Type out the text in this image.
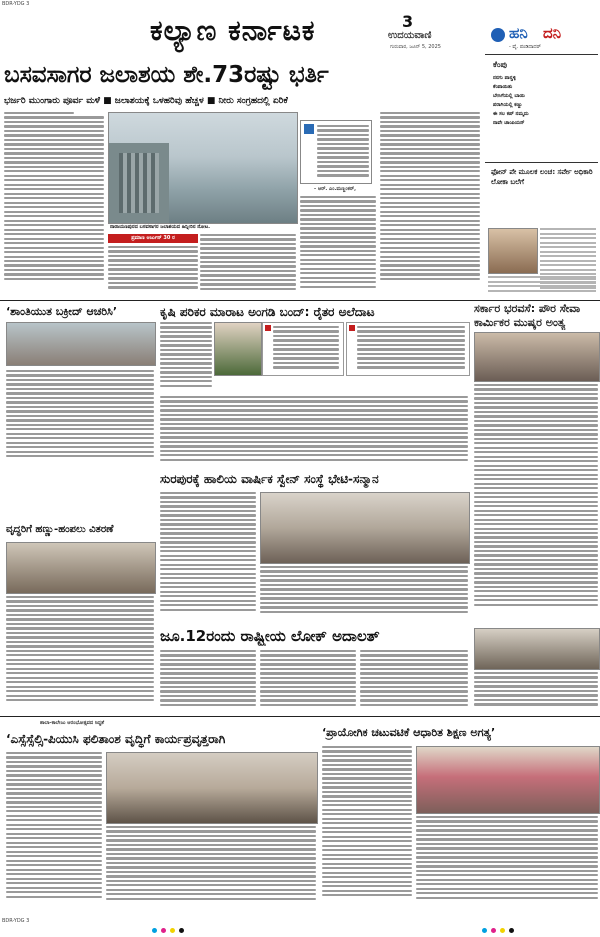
BDR-YDG 3
ಕಲ್ಯಾಣ ಕರ್ನಾಟಕ	3
ಉದಯವಾಣಿ
ಗುರುವಾರ, ಜೂನ್ 5, 2025
ಹನಿ ದನಿ
- ವೈ. ಪಂಡಿದಾದರ್
ಕೆಂಪು
ನನಗು ಪಾನ್ಚಳ್ಳಿ
ಕೆಂಪಾಯಿತು
ಬೇಸಿಗೆಯಲ್ಲಿ ಬಾಯಿ
ಪರಾಗಿಯಲ್ಲಿ ಕಣ್ಣು
ಈ ಸಲ ಕಪ್ ನಮ್ಮದು
ನಾವೇ ಚಾಂಪಿಯನ್
ಫೋನ್ ಪೇ ಮೂಲಕ ಲಂಚ: ಸರ್ವೇ ಅಧಿಕಾರಿ ಲೋಕಾ ಬಲೆಗೆ
ಬಸವಸಾಗರ ಜಲಾಶಯ ಶೇ.73ರಷ್ಟು ಭರ್ತಿ
ಭರ್ಜರಿ ಮುಂಗಾರು ಪೂರ್ವ ಮಳೆ ■ ಜಲಾಶಯಕ್ಕೆ ಒಳಹರಿವು ಹೆಚ್ಚಳ ■ ನೀರು ಸಂಗ್ರಹದಲ್ಲಿ ಏರಿಕೆ
ನಾರಾಯಣಪುರದ ಬಸವಸಾಗರ ಜಲಾಶಯದ ಹಿನ್ನೀರಿನ ನೋಟ.
ಪ್ರಮಾಣ ಅರ್ಜುನ್ 30 ರ
- ಆರ್. ಎಂ.ಮಣ್ಣಂಕರ್,
‘ಶಾಂತಿಯುತ ಬಕ್ರೀದ್ ಆಚರಿಸಿ’	ಕೃಷಿ ಪರಿಕರ ಮಾರಾಟ ಅಂಗಡಿ ಬಂದ್: ರೈತರ ಅಲೆದಾಟ	ಸರ್ಕಾರ ಭರವಸೆ: ಪೌರ ಸೇವಾ ಕಾರ್ಮಿಕರ ಮುಷ್ಕರ ಅಂತ್ಯ
ಸುರಪುರಕ್ಕೆ ಹಾಲಿಯ ವಾರ್ಷಿಕ ಸ್ವೇನ್ ಸಂಸ್ಥೆ ಭೇಟಿ-ಸನ್ಮಾನ
ವೃದ್ಧರಿಗೆ ಹಣ್ಣು-ಹಂಪಲು ವಿತರಣೆ
ಜೂ.12ರಂದು ರಾಷ್ಟ್ರೀಯ ಲೋಕ್ ಅದಾಲತ್
ಶಾಲಾ-ಕಾಲೇಜು ಆರಂಭೋತ್ಸವದ ಸಿದ್ಧತೆ
‘ಎಸ್ಸೆಸ್ಸೆಲ್ಸಿ-ಪಿಯುಸಿ ಫಲಿತಾಂಶ ವೃದ್ಧಿಗೆ ಕಾರ್ಯಪ್ರವೃತ್ತರಾಗಿ	‘ಪ್ರಾಯೋಗಿಕ ಚಟುವಟಿಕೆ ಆಧಾರಿತ ಶಿಕ್ಷಣ ಅಗತ್ಯ’
BDR-YDG 3
